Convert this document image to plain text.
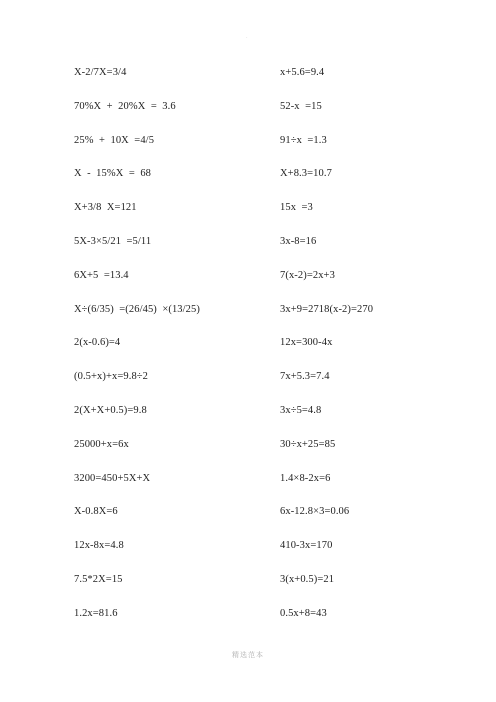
·
X-2/7X=3/4
70%X  +  20%X  =  3.6
25%  +  10X  =4/5
X  -  15%X  =  68
X+3/8  X=121
5X-3×5/21  =5/11
6X+5  =13.4
X÷(6/35)  =(26/45)  ×(13/25)
2(x-0.6)=4
(0.5+x)+x=9.8÷2
2(X+X+0.5)=9.8
25000+x=6x
3200=450+5X+X
X-0.8X=6
12x-8x=4.8
7.5*2X=15
1.2x=81.6
x+5.6=9.4
52-x  =15
91÷x  =1.3
X+8.3=10.7
15x  =3
3x-8=16
7(x-2)=2x+3
3x+9=2718(x-2)=270
12x=300-4x
7x+5.3=7.4
3x÷5=4.8
30÷x+25=85
1.4×8-2x=6
6x-12.8×3=0.06
410-3x=170
3(x+0.5)=21
0.5x+8=43
精选范本
